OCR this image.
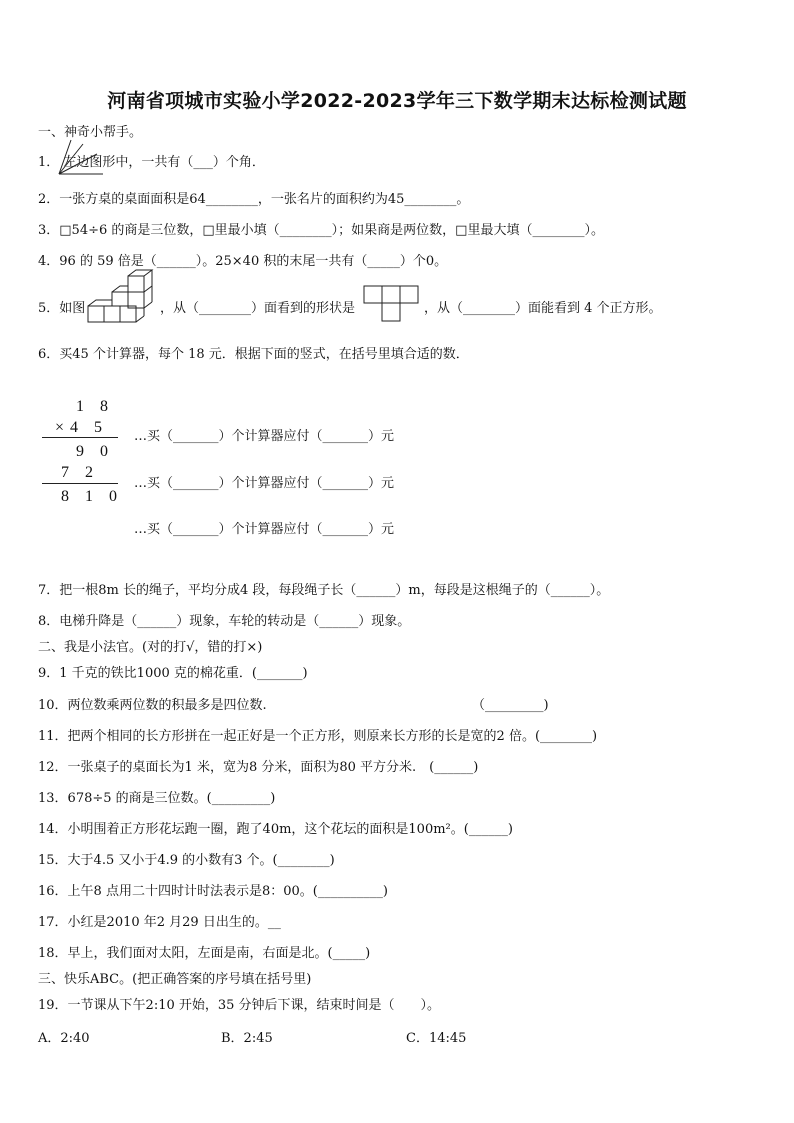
河南省项城市实验小学2022-2023学年三下数学期末达标检测试题
一、神奇小帮手。
1． 左边图形中，一共有（___）个角．
2．一张方桌的桌面面积是64________，一张名片的面积约为45________。
3．□54÷6 的商是三位数，□里最小填（________）；如果商是两位数，□里最大填（________）。
4．96 的 59 倍是（______）。25×40 积的末尾一共有（_____）个0。
5．如图	，从（________）面看到的形状是	，从（________）面能看到 4 个正方形。
6．买45 个计算器，每个 18 元．根据下面的竖式，在括号里填合适的数．
1 8
×4 5
9 0
7 2
8 1 0
…买（_______）个计算器应付（_______）元
…买（_______）个计算器应付（_______）元
…买（_______）个计算器应付（_______）元
7．把一根8m 长的绳子，平均分成4 段，每段绳子长（______）m，每段是这根绳子的（______）。
8．电梯升降是（______）现象，车轮的转动是（______）现象。
二、我是小法官。(对的打√，错的打×)
9．1 千克的铁比1000 克的棉花重．(_______)
10．两位数乘两位数的积最多是四位数.	（_________)
11．把两个相同的长方形拼在一起正好是一个正方形，则原来长方形的长是宽的2 倍。(________)
12．一张桌子的桌面长为1 米，宽为8 分米，面积为80 平方分米.　(______)
13．678÷5 的商是三位数。(_________)
14．小明围着正方形花坛跑一圈，跑了40m，这个花坛的面积是100m²。(______)
15．大于4.5 又小于4.9 的小数有3 个。(________)
16．上午8 点用二十四时计时法表示是8：00。(__________)
17．小红是2010 年2 月29 日出生的。__
18．早上，我们面对太阳，左面是南，右面是北。(_____)
三、快乐ABC。(把正确答案的序号填在括号里)
19．一节课从下午2:10 开始，35 分钟后下课，结束时间是（　　）。
A．2:40	B．2:45	C．14:45
